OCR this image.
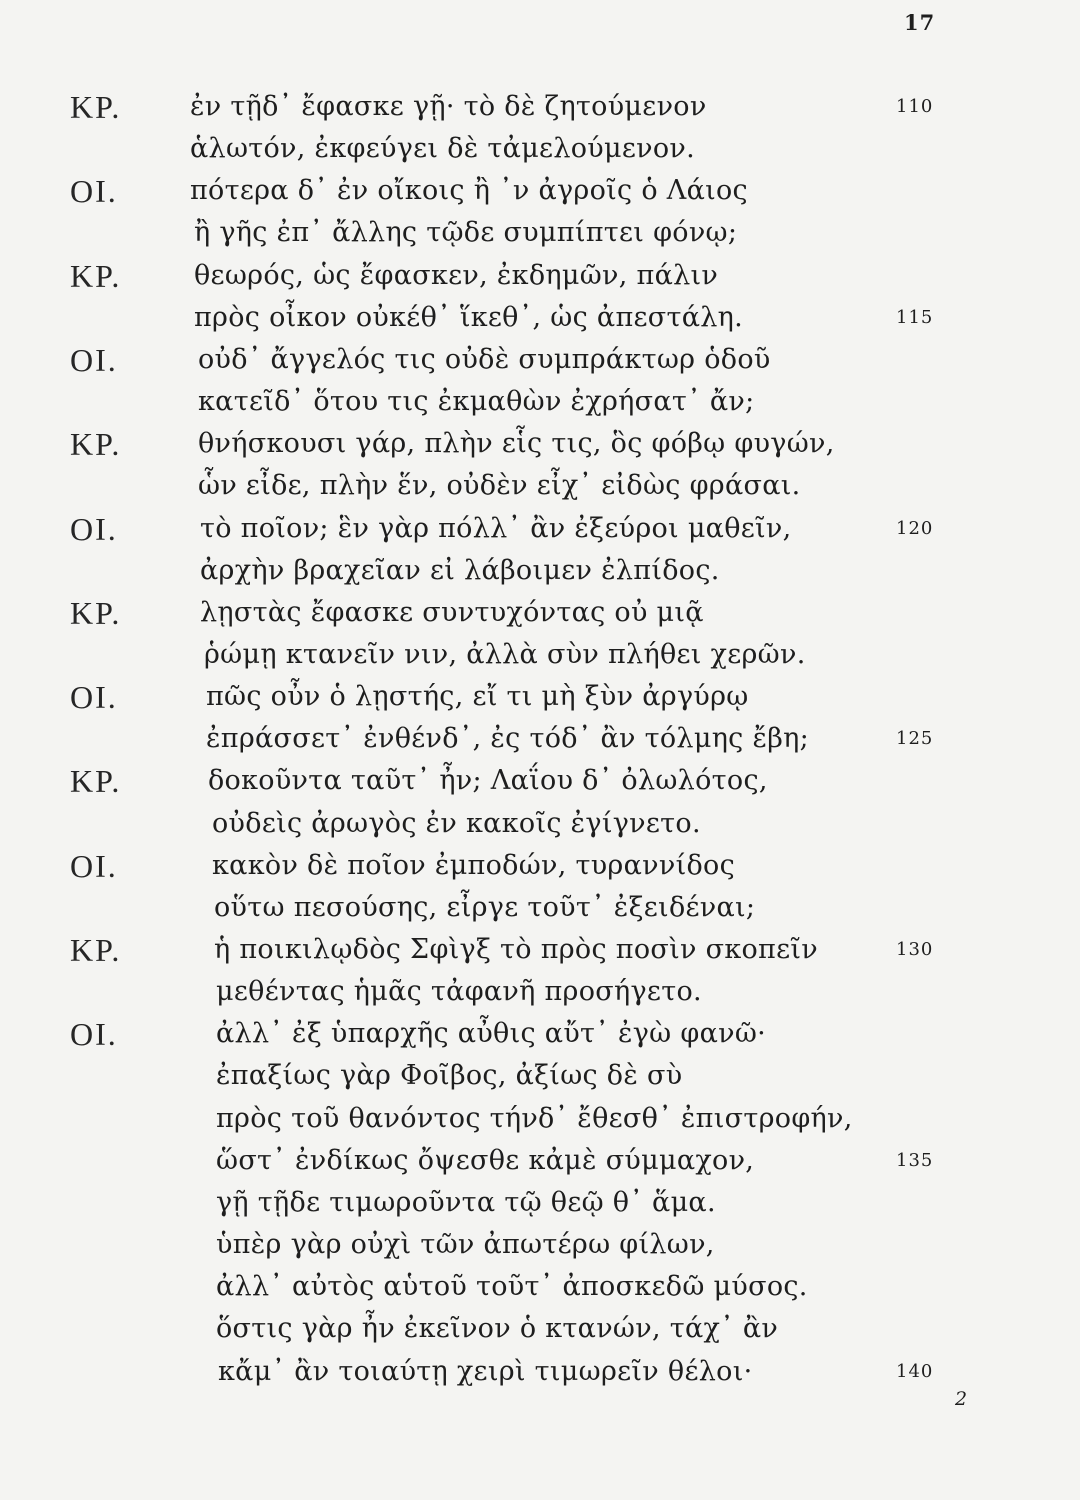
17
ΚΡ.	ἐν τῇδ᾽ ἔφασκε γῇ· τὸ δὲ ζητούμενον	110
ἁλωτόν, ἐκφεύγει δὲ τἀμελούμενον.
ΟΙ.	πότερα δ᾽ ἐν οἴκοις ἢ ᾽ν ἀγροῖς ὁ Λάιος
ἢ γῆς ἐπ᾽ ἄλλης τῷδε συμπίπτει φόνῳ;
ΚΡ.	θεωρός, ὡς ἔφασκεν, ἐκδημῶν, πάλιν
πρὸς οἶκον οὐκέθ᾽ ἵκεθ᾽, ὡς ἀπεστάλη.	115
ΟΙ.	οὐδ᾽ ἄγγελός τις οὐδὲ συμπράκτωρ ὁδοῦ
κατεῖδ᾽ ὅτου τις ἐκμαθὼν ἐχρήσατ᾽ ἄν;
ΚΡ.	θνήσκουσι γάρ, πλὴν εἷς τις, ὃς φόβῳ φυγών,
ὧν εἶδε, πλὴν ἕν, οὐδὲν εἶχ᾽ εἰδὼς φράσαι.
ΟΙ.	τὸ ποῖον; ἓν γὰρ πόλλ᾽ ἂν ἐξεύροι μαθεῖν,	120
ἀρχὴν βραχεῖαν εἰ λάβοιμεν ἐλπίδος.
ΚΡ.	λῃστὰς ἔφασκε συντυχόντας οὐ μιᾷ
ῥώμῃ κτανεῖν νιν, ἀλλὰ σὺν πλήθει χερῶν.
ΟΙ.	πῶς οὖν ὁ λῃστής, εἴ τι μὴ ξὺν ἀργύρῳ
ἐπράσσετ᾽ ἐνθένδ᾽, ἐς τόδ᾽ ἂν τόλμης ἔβη;	125
ΚΡ.	δοκοῦντα ταῦτ᾽ ἦν; Λαΐου δ᾽ ὀλωλότος,
οὐδεὶς ἀρωγὸς ἐν κακοῖς ἐγίγνετο.
ΟΙ.	κακὸν δὲ ποῖον ἐμποδών, τυραννίδος
οὕτω πεσούσης, εἶργε τοῦτ᾽ ἐξειδέναι;
ΚΡ.	ἡ ποικιλῳδὸς Σφὶγξ τὸ πρὸς ποσὶν σκοπεῖν	130
μεθέντας ἡμᾶς τἀφανῆ προσήγετο.
ΟΙ.	ἀλλ᾽ ἐξ ὑπαρχῆς αὖθις αὔτ᾽ ἐγὼ φανῶ·
ἐπαξίως γὰρ Φοῖβος, ἀξίως δὲ σὺ
πρὸς τοῦ θανόντος τήνδ᾽ ἔθεσθ᾽ ἐπιστροφήν,
ὥστ᾽ ἐνδίκως ὄψεσθε κἀμὲ σύμμαχον,	135
γῇ τῇδε τιμωροῦντα τῷ θεῷ θ᾽ ἅμα.
ὑπὲρ γὰρ οὐχὶ τῶν ἀπωτέρω φίλων,
ἀλλ᾽ αὐτὸς αὑτοῦ τοῦτ᾽ ἀποσκεδῶ μύσος.
ὅστις γὰρ ἦν ἐκεῖνον ὁ κτανών, τάχ᾽ ἂν
κἄμ᾽ ἂν τοιαύτῃ χειρὶ τιμωρεῖν θέλοι·	140
2
